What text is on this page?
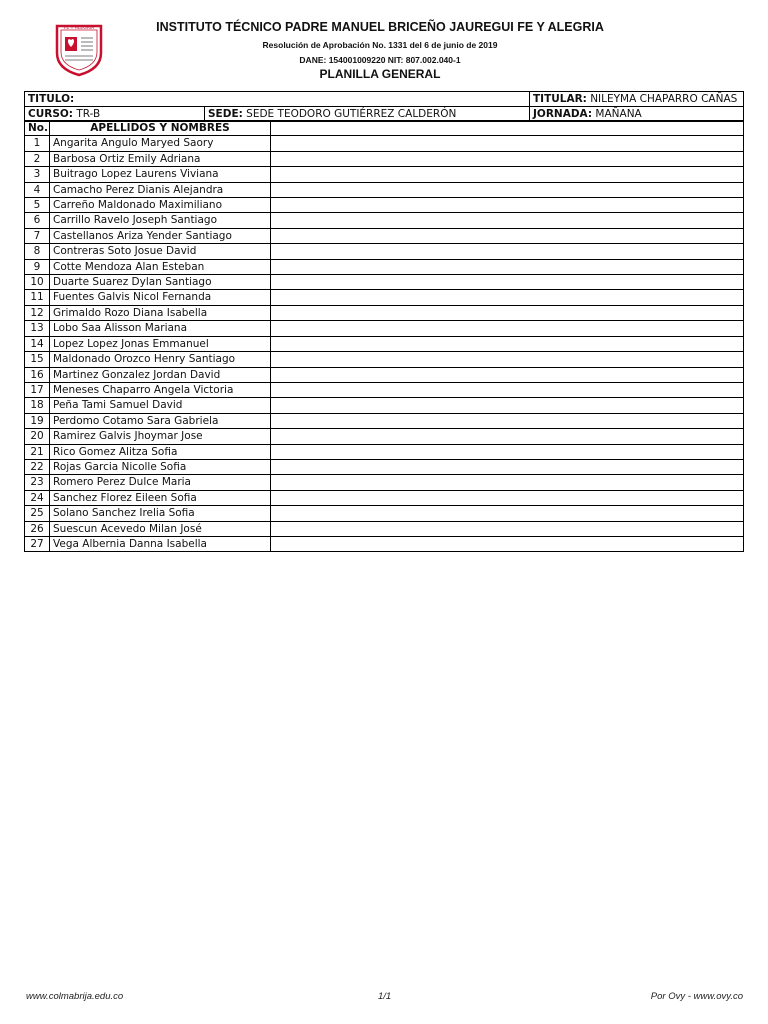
FE Y ALEGRIA	INSTITUTO TÉCNICO PADRE MANUEL BRICEÑO JAUREGUI FE Y ALEGRIA
Resolución de Aprobación No. 1331 del 6 de junio de 2019
DANE: 154001009220 NIT: 807.002.040-1
PLANILLA GENERAL
TITULO:		TITULAR: NILEYMA CHAPARRO CAÑAS
CURSO: TR-B	SEDE: SEDE TEODORO GUTIÉRREZ CALDERÓN	JORNADA: MAÑANA
No.	APELLIDOS Y NOMBRES	
1	Angarita Angulo Maryed Saory	
2	Barbosa Ortiz Emily Adriana	
3	Buitrago Lopez Laurens Viviana	
4	Camacho Perez Dianis Alejandra	
5	Carreño Maldonado Maximiliano	
6	Carrillo Ravelo Joseph Santiago	
7	Castellanos Ariza Yender Santiago	
8	Contreras Soto Josue David	
9	Cotte Mendoza Alan Esteban	
10	Duarte Suarez Dylan Santiago	
11	Fuentes Galvis Nicol Fernanda	
12	Grimaldo Rozo Diana Isabella	
13	Lobo Saa Alisson Mariana	
14	Lopez Lopez Jonas Emmanuel	
15	Maldonado Orozco Henry Santiago	
16	Martinez Gonzalez Jordan David	
17	Meneses Chaparro Angela Victoria	
18	Peña Tami Samuel David	
19	Perdomo Cotamo Sara Gabriela	
20	Ramirez Galvis Jhoymar Jose	
21	Rico Gomez Alitza Sofia	
22	Rojas Garcia Nicolle Sofia	
23	Romero Perez Dulce Maria	
24	Sanchez Florez Eileen Sofia	
25	Solano Sanchez Irelia Sofia	
26	Suescun Acevedo Milan José	
27	Vega Albernia Danna Isabella	
www.colmabrija.edu.co	1/1	Por Ovy - www.ovy.co
